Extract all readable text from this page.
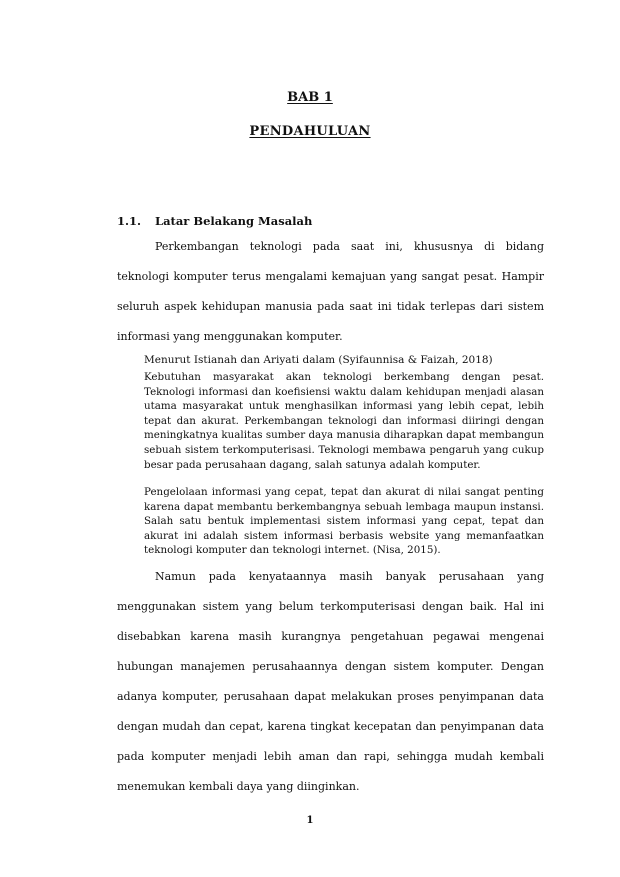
BAB 1
PENDAHULUAN
1.1. Latar Belakang Masalah

Perkembangan teknologi pada saat ini, khususnya di bidang teknologi komputer terus mengalami kemajuan yang sangat pesat. Hampir seluruh aspek kehidupan manusia pada saat ini tidak terlepas dari sistem informasi yang menggunakan komputer.

Menurut Istianah dan Ariyati dalam (Syifaunnisa & Faizah, 2018)

Kebutuhan masyarakat akan teknologi berkembang dengan pesat. Teknologi informasi dan koefisiensi waktu dalam kehidupan menjadi alasan utama masyarakat untuk menghasilkan informasi yang lebih cepat, lebih tepat dan akurat. Perkembangan teknologi dan informasi diiringi dengan meningkatnya kualitas sumber daya manusia diharapkan dapat membangun sebuah sistem terkomputerisasi. Teknologi membawa pengaruh yang cukup besar pada perusahaan dagang, salah satunya adalah komputer.

Pengelolaan informasi yang cepat, tepat dan akurat di nilai sangat penting karena dapat membantu berkembangnya sebuah lembaga maupun instansi. Salah satu bentuk implementasi sistem informasi yang cepat, tepat dan akurat ini adalah sistem informasi berbasis website yang memanfaatkan teknologi komputer dan teknologi internet. (Nisa, 2015).

Namun pada kenyataannya masih banyak perusahaan yang menggunakan sistem yang belum terkomputerisasi dengan baik. Hal ini disebabkan karena masih kurangnya pengetahuan pegawai mengenai hubungan manajemen perusahaannya dengan sistem komputer. Dengan adanya komputer, perusahaan dapat melakukan proses penyimpanan data dengan mudah dan cepat, karena tingkat kecepatan dan penyimpanan data pada komputer menjadi lebih aman dan rapi, sehingga mudah kembali menemukan kembali daya yang diinginkan.

1
